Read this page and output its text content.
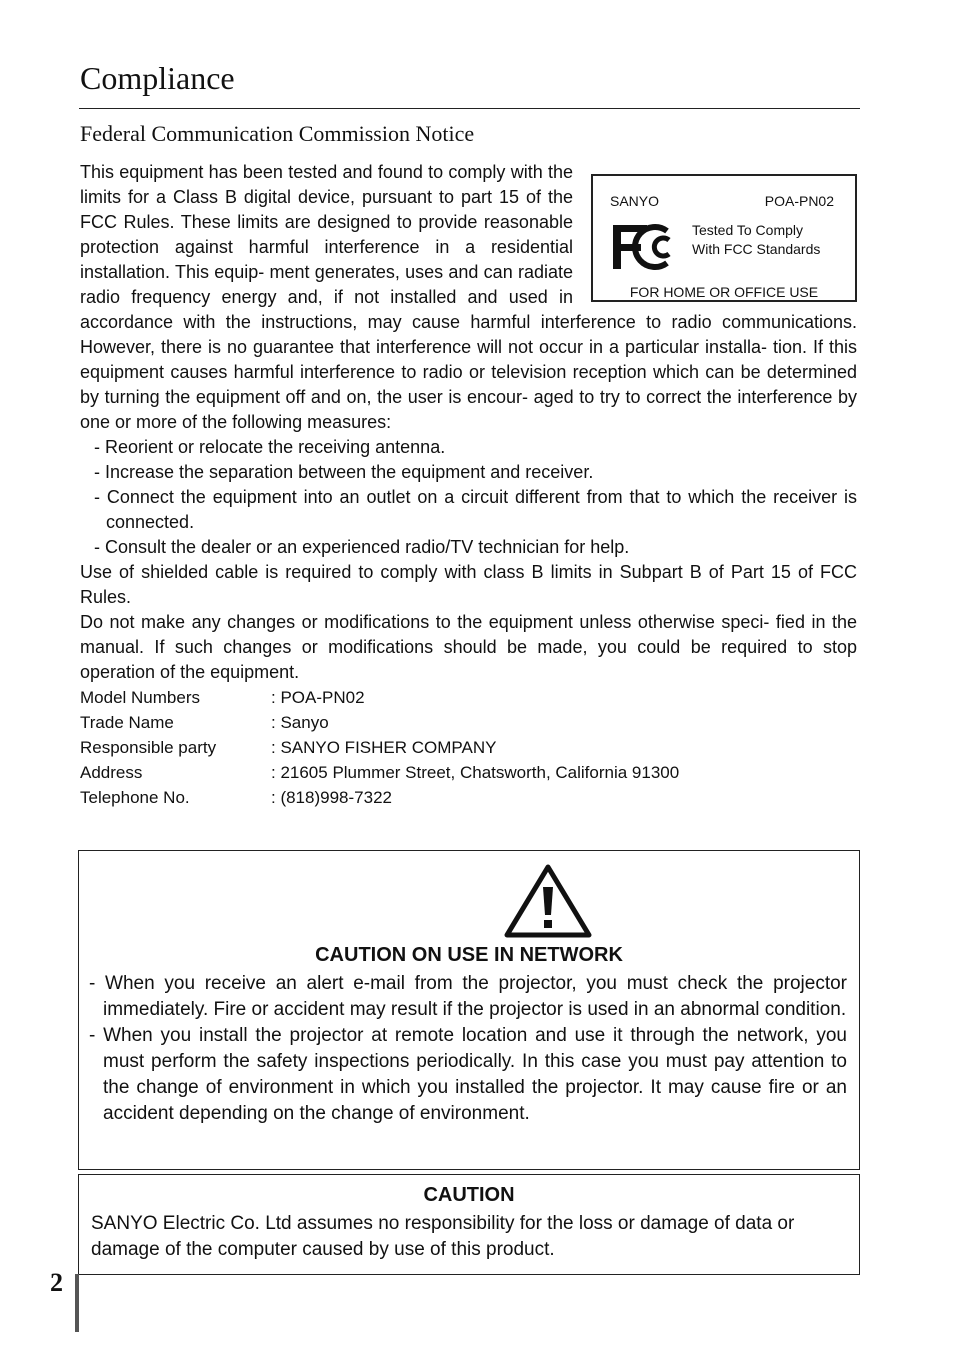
Compliance
Federal Communication Commission Notice
SANYO	POA-PN02
Tested To Comply
With FCC Standards
FOR HOME OR OFFICE USE

This equipment has been tested and found to comply with the limits for a Class B digital device, pursuant to part 15 of the FCC Rules. These limits are designed to provide reasonable protection against harmful interference in a residential installation. This equip- ment generates, uses and can radiate radio frequency energy and, if not installed and used in accordance with the instructions, may cause harmful interference to radio communications. However, there is no guarantee that interference will not occur in a particular installa- tion. If this equipment causes harmful interference to radio or television reception which can be determined by turning the equipment off and on, the user is encour- aged to try to correct the interference by one or more of the following measures:

- Reorient or relocate the receiving antenna.
- Increase the separation between the equipment and receiver.
- Connect the equipment into an outlet on a circuit different from that to which the receiver is connected.
- Consult the dealer or an experienced radio/TV technician for help.

Use of shielded cable is required to comply with class B limits in Subpart B of Part 15 of FCC Rules.

Do not make any changes or modifications to the equipment unless otherwise speci- fied in the manual. If such changes or modifications should be made, you could be required to stop operation of the equipment.

Model Numbers	: POA-PN02
Trade Name	: Sanyo
Responsible party	: SANYO FISHER COMPANY
Address	: 21605 Plummer Street, Chatsworth, California 91300
Telephone No.	: (818)998-7322
CAUTION ON USE IN NETWORK
- When you receive an alert e-mail from the projector, you must check the projector immediately. Fire or accident may result if the projector is used in an abnormal condition.
- When you install the projector at remote location and use it through the network, you must perform the safety inspections periodically. In this case you must pay attention to the change of environment in which you installed the projector. It may cause fire or an accident depending on the change of environment.
CAUTION
SANYO Electric Co. Ltd assumes no responsibility for the loss or damage of data or damage of the computer caused by use of this product.
2
